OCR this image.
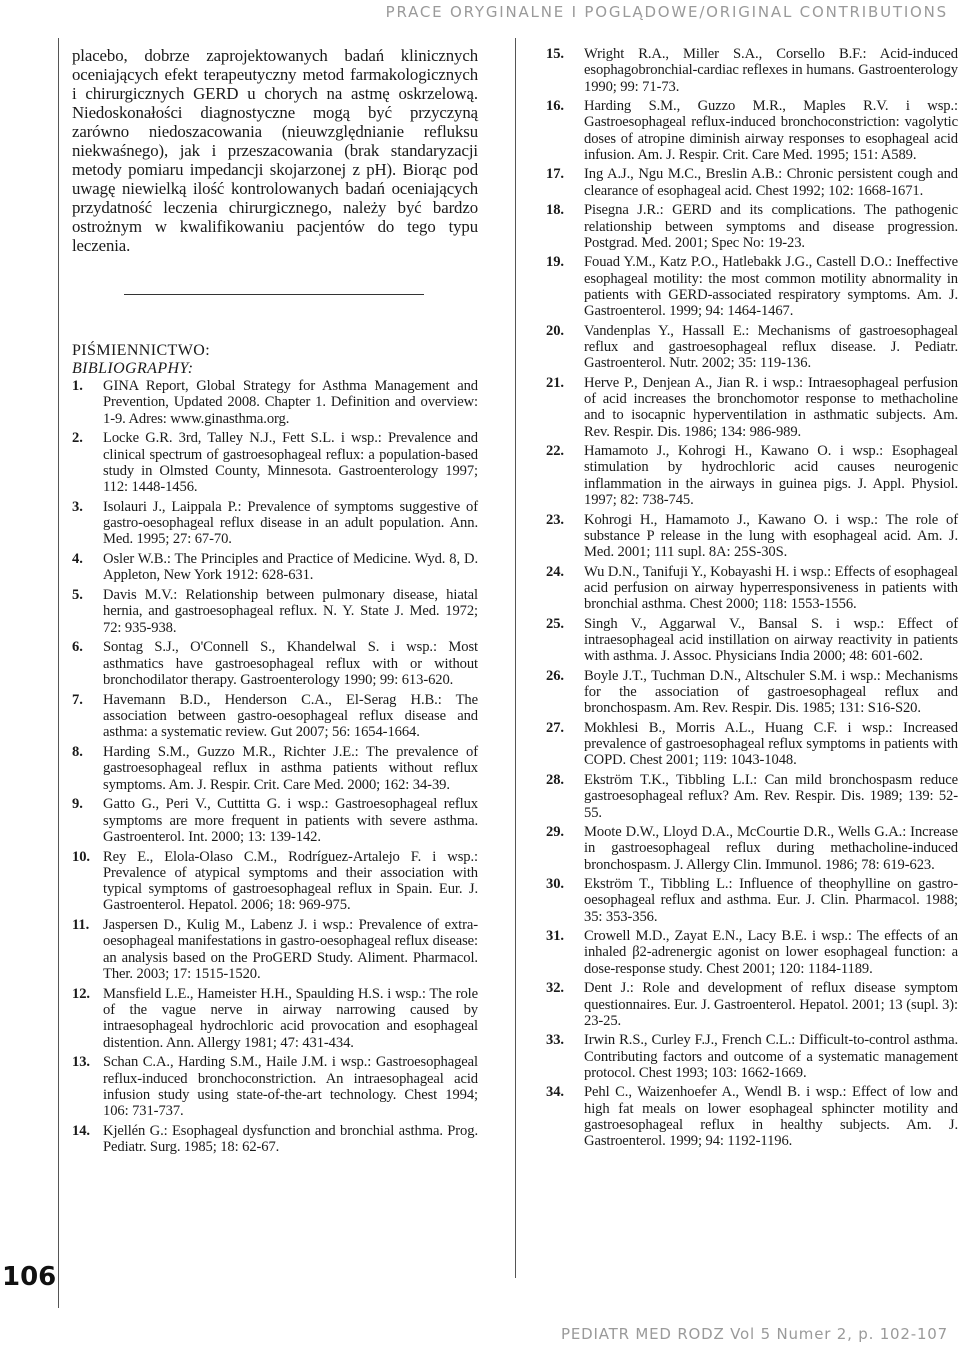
PRACE ORYGINALNE I POGLĄDOWE/ORIGINAL CONTRIBUTIONS
106

placebo, dobrze zaprojektowanych badań klinicznych oceniających efekt terapeutyczny metod farmakologicznych i chirurgicznych GERD u chorych na astmę oskrzelową. Niedoskonałości diagnostyczne mogą być przyczyną zarówno niedoszacowania (nieuwzględnianie refluksu niekwaśnego), jak i przeszacowania (brak standaryzacji metody pomiaru impedancji skojarzonej z pH). Biorąc pod uwagę niewielką ilość kontrolowanych badań oceniających przydatność leczenia chirurgicznego, należy być bardzo ostrożnym w kwalifikowaniu pacjentów do tego typu leczenia.

PIŚMIENNICTWO:
BIBLIOGRAPHY:
1. GINA Report, Global Strategy for Asthma Management and Prevention, Updated 2008. Chapter 1. Definition and overview: 1-9. Adres: www.ginasthma.org.
2. Locke G.R. 3rd, Talley N.J., Fett S.L. i wsp.: Prevalence and clinical spectrum of gastroesophageal reflux: a population-based study in Olmsted County, Minnesota. Gastroenterology 1997; 112: 1448-1456.
3. Isolauri J., Laippala P.: Prevalence of symptoms suggestive of gastro-oesophageal reflux disease in an adult population. Ann. Med. 1995; 27: 67-70.
4. Osler W.B.: The Principles and Practice of Medicine. Wyd. 8, D. Appleton, New York 1912: 628-631.
5. Davis M.V.: Relationship between pulmonary disease, hiatal hernia, and gastroesophageal reflux. N. Y. State J. Med. 1972; 72: 935-938.
6. Sontag S.J., O'Connell S., Khandelwal S. i wsp.: Most asthmatics have gastroesophageal reflux with or without bronchodilator therapy. Gastroenterology 1990; 99: 613-620.
7. Havemann B.D., Henderson C.A., El-Serag H.B.: The association between gastro-oesophageal reflux disease and asthma: a systematic review. Gut 2007; 56: 1654-1664.
8. Harding S.M., Guzzo M.R., Richter J.E.: The prevalence of gastroesophageal reflux in asthma patients without reflux symptoms. Am. J. Respir. Crit. Care Med. 2000; 162: 34-39.
9. Gatto G., Peri V., Cuttitta G. i wsp.: Gastroesophageal reflux symptoms are more frequent in patients with severe asthma. Gastroenterol. Int. 2000; 13: 139-142.
10. Rey E., Elola-Olaso C.M., Rodríguez-Artalejo F. i wsp.: Prevalence of atypical symptoms and their association with typical symptoms of gastroesophageal reflux in Spain. Eur. J. Gastroenterol. Hepatol. 2006; 18: 969-975.
11. Jaspersen D., Kulig M., Labenz J. i wsp.: Prevalence of extra-oesophageal manifestations in gastro-oesophageal reflux disease: an analysis based on the ProGERD Study. Aliment. Pharmacol. Ther. 2003; 17: 1515-1520.
12. Mansfield L.E., Hameister H.H., Spaulding H.S. i wsp.: The role of the vague nerve in airway narrowing caused by intraesophageal hydrochloric acid provocation and esophageal distention. Ann. Allergy 1981; 47: 431-434.
13. Schan C.A., Harding S.M., Haile J.M. i wsp.: Gastroesophageal reflux-induced bronchoconstriction. An intraesophageal acid infusion study using state-of-the-art technology. Chest 1994; 106: 731-737.
14. Kjellén G.: Esophageal dysfunction and bronchial asthma. Prog. Pediatr. Surg. 1985; 18: 62-67.
15. Wright R.A., Miller S.A., Corsello B.F.: Acid-induced esophagobronchial-cardiac reflexes in humans. Gastroenterology 1990; 99: 71-73.
16. Harding S.M., Guzzo M.R., Maples R.V. i wsp.: Gastroesophageal reflux-induced bronchoconstriction: vagolytic doses of atropine diminish airway responses to esophageal acid infusion. Am. J. Respir. Crit. Care Med. 1995; 151: A589.
17. Ing A.J., Ngu M.C., Breslin A.B.: Chronic persistent cough and clearance of esophageal acid. Chest 1992; 102: 1668-1671.
18. Pisegna J.R.: GERD and its complications. The pathogenic relationship between symptoms and disease progression. Postgrad. Med. 2001; Spec No: 19-23.
19. Fouad Y.M., Katz P.O., Hatlebakk J.G., Castell D.O.: Ineffective esophageal motility: the most common motility abnormality in patients with GERD-associated respiratory symptoms. Am. J. Gastroenterol. 1999; 94: 1464-1467.
20. Vandenplas Y., Hassall E.: Mechanisms of gastroesophageal reflux and gastroesophageal reflux disease. J. Pediatr. Gastroenterol. Nutr. 2002; 35: 119-136.
21. Herve P., Denjean A., Jian R. i wsp.: Intraesophageal perfusion of acid increases the bronchomotor response to methacholine and to isocapnic hyperventilation in asthmatic subjects. Am. Rev. Respir. Dis. 1986; 134: 986-989.
22. Hamamoto J., Kohrogi H., Kawano O. i wsp.: Esophageal stimulation by hydrochloric acid causes neurogenic inflammation in the airways in guinea pigs. J. Appl. Physiol. 1997; 82: 738-745.
23. Kohrogi H., Hamamoto J., Kawano O. i wsp.: The role of substance P release in the lung with esophageal acid. Am. J. Med. 2001; 111 supl. 8A: 25S-30S.
24. Wu D.N., Tanifuji Y., Kobayashi H. i wsp.: Effects of esophageal acid perfusion on airway hyperresponsiveness in patients with bronchial asthma. Chest 2000; 118: 1553-1556.
25. Singh V., Aggarwal V., Bansal S. i wsp.: Effect of intraesophageal acid instillation on airway reactivity in patients with asthma. J. Assoc. Physicians India 2000; 48: 601-602.
26. Boyle J.T., Tuchman D.N., Altschuler S.M. i wsp.: Mechanisms for the association of gastroesophageal reflux and bronchospasm. Am. Rev. Respir. Dis. 1985; 131: S16-S20.
27. Mokhlesi B., Morris A.L., Huang C.F. i wsp.: Increased prevalence of gastroesophageal reflux symptoms in patients with COPD. Chest 2001; 119: 1043-1048.
28. Ekström T.K., Tibbling L.I.: Can mild bronchospasm reduce gastroesophageal reflux? Am. Rev. Respir. Dis. 1989; 139: 52-55.
29. Moote D.W., Lloyd D.A., McCourtie D.R., Wells G.A.: Increase in gastroesophageal reflux during methacholine-induced bronchospasm. J. Allergy Clin. Immunol. 1986; 78: 619-623.
30. Ekström T., Tibbling L.: Influence of theophylline on gastro-oesophageal reflux and asthma. Eur. J. Clin. Pharmacol. 1988; 35: 353-356.
31. Crowell M.D., Zayat E.N., Lacy B.E. i wsp.: The effects of an inhaled β2-adrenergic agonist on lower esophageal function: a dose-response study. Chest 2001; 120: 1184-1189.
32. Dent J.: Role and development of reflux disease symptom questionnaires. Eur. J. Gastroenterol. Hepatol. 2001; 13 (supl. 3): 23-25.
33. Irwin R.S., Curley F.J., French C.L.: Difficult-to-control asthma. Contributing factors and outcome of a systematic management protocol. Chest 1993; 103: 1662-1669.
34. Pehl C., Waizenhoefer A., Wendl B. i wsp.: Effect of low and high fat meals on lower esophageal sphincter motility and gastroesophageal reflux in healthy subjects. Am. J. Gastroenterol. 1999; 94: 1192-1196.
PEDIATR MED RODZ Vol 5 Numer 2, p. 102-107
